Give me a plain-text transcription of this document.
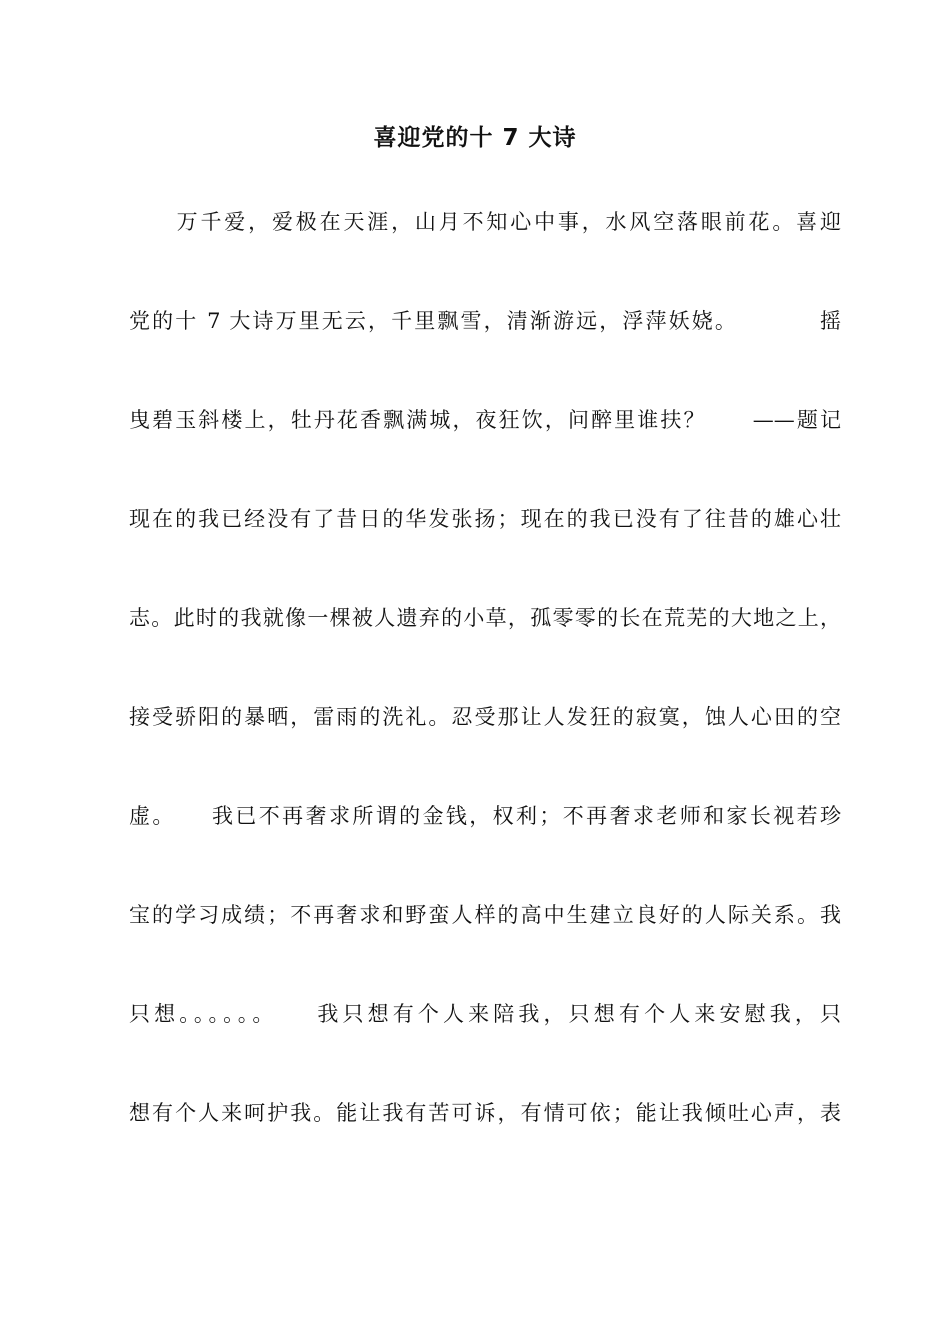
喜迎党的十 7 大诗
　　万千爱，爱极在天涯，山月不知心中事，水风空落眼前花。喜迎
党的十 7 大诗万里无云，千里飘雪，清渐游远，浮萍妖娆。　　　　摇
曳碧玉斜楼上，牡丹花香飘满城，夜狂饮，问醉里谁扶？　　——题记
现在的我已经没有了昔日的华发张扬；现在的我已没有了往昔的雄心壮
志。此时的我就像一棵被人遗弃的小草，孤零零的长在荒芜的大地之上，
接受骄阳的暴晒，雷雨的洗礼。忍受那让人发狂的寂寞，蚀人心田的空
虚。　　我已不再奢求所谓的金钱，权利；不再奢求老师和家长视若珍
宝的学习成绩；不再奢求和野蛮人样的高中生建立良好的人际关系。我
只想。。。。。。　　我只想有个人来陪我，只想有个人来安慰我，只
想有个人来呵护我。能让我有苦可诉，有情可依；能让我倾吐心声，表
